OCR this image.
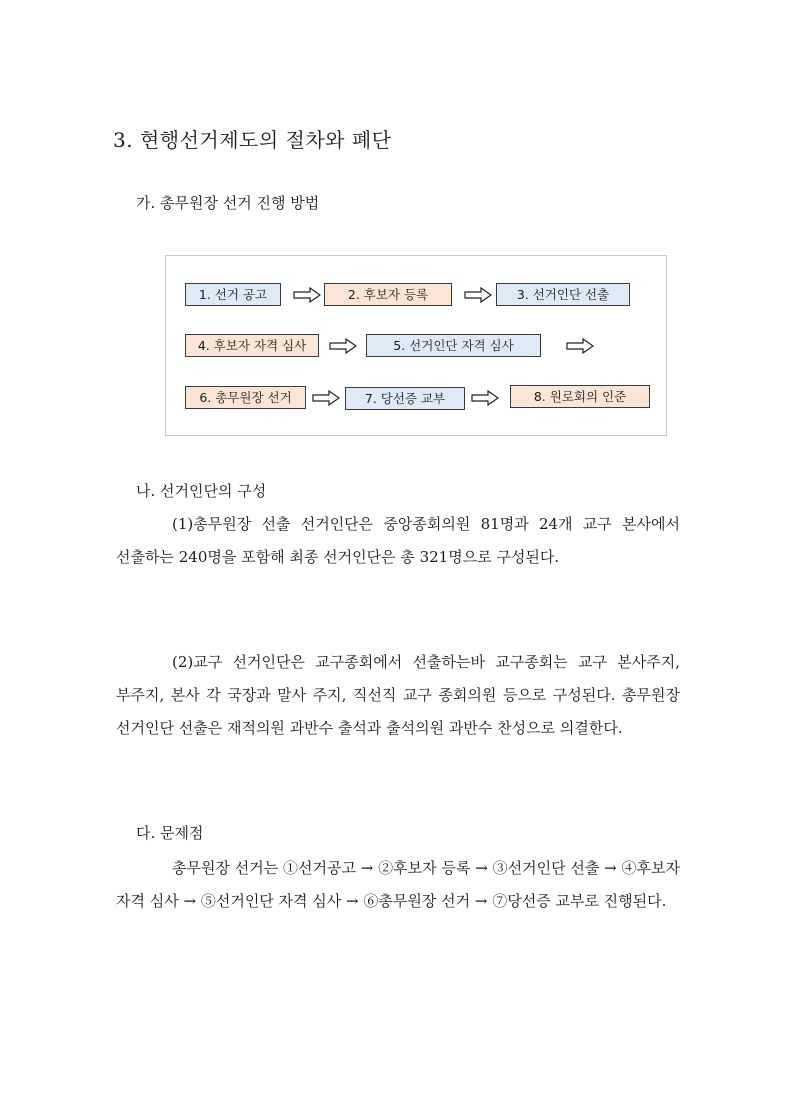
3. 현행선거제도의 절차와 폐단
가. 총무원장 선거 진행 방법
1. 선거 공고	2. 후보자 등록	3. 선거인단 선출
4. 후보자 자격 심사	5. 선거인단 자격 심사
6. 총무원장 선거	7. 당선증 교부	8. 원로회의 인준
나. 선거인단의 구성
(1)총무원장 선출 선거인단은 중앙종회의원 81명과 24개 교구 본사에서 선출하는 240명을 포함해 최종 선거인단은 총 321명으로 구성된다.
(2)교구 선거인단은 교구종회에서 선출하는바 교구종회는 교구 본사주지, 부주지, 본사 각 국장과 말사 주지, 직선직 교구 종회의원 등으로 구성된다. 총무원장 선거인단 선출은 재적의원 과반수 출석과 출석의원 과반수 찬성으로 의결한다.
다. 문제점
총무원장 선거는 ①선거공고 → ②후보자 등록 → ③선거인단 선출 → ④후보자 자격 심사 → ⑤선거인단 자격 심사 → ⑥총무원장 선거 → ⑦당선증 교부로 진행된다.
